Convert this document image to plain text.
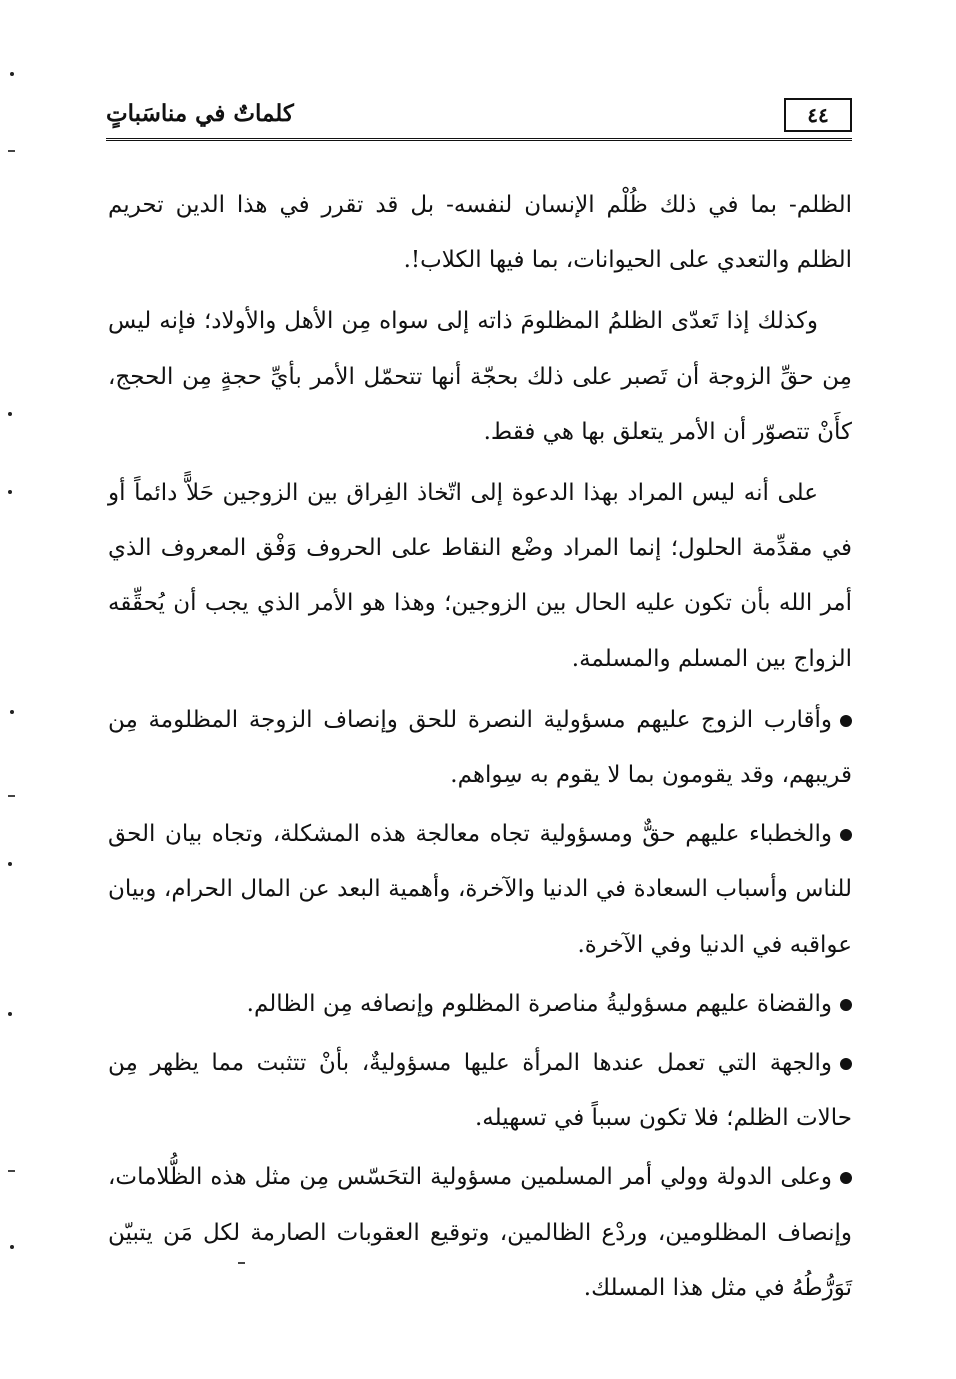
٤٤
كلماتٌ في مناسَباتٍ

الظلم- بما في ذلك ظُلْم الإنسان لنفسه- بل قد تقرر في هذا الدين تحريم الظلم والتعدي على الحيوانات، بما فيها الكلاب!.

وكذلك إذا تَعدّى الظلمُ المظلومَ ذاته إلى سواه مِن الأهل والأولاد؛ فإنه ليس مِن حقِّ الزوجة أن تَصبر على ذلك بحجّة أنها تتحمّل الأمر بأيِّ حجةٍ مِن الحجج، كأَنْ تتصوّر أن الأمر يتعلق بها هي فقط.

على أنه ليس المراد بهذا الدعوة إلى اتّخاذ الفِراق بين الزوجين حَلاًّ دائماً أو في مقدِّمة الحلول؛ إنما المراد وضْع النقاط على الحروف وَفْق المعروف الذي أمر الله بأن تكون عليه الحال بين الزوجين؛ وهذا هو الأمر الذي يجب أن يُحقِّقه الزواج بين المسلم والمسلمة.

وأقارب الزوج عليهم مسؤولية النصرة للحق وإنصاف الزوجة المظلومة مِن قريبهم، وقد يقومون بما لا يقوم به سِواهم.

والخطباء عليهم حقٌّ ومسؤولية تجاه معالجة هذه المشكلة، وتجاه بيان الحق للناس وأسباب السعادة في الدنيا والآخرة، وأهمية البعد عن المال الحرام، وبيان عواقبه في الدنيا وفي الآخرة.

والقضاة عليهم مسؤوليةُ مناصرة المظلوم وإنصافه مِن الظالم.

والجهة التي تعمل عندها المرأة عليها مسؤوليةٌ، بأنْ تتثبت مما يظهر مِن حالات الظلم؛ فلا تكون سبباً في تسهيله.

وعلى الدولة وولي أمر المسلمين مسؤولية التحَسّس مِن مثل هذه الظُّلامات، وإنصاف المظلومين، وردْع الظالمين، وتوقيع العقوبات الصارمة لكل مَن يتبيّن تَوَرُّطُهُ في مثل هذا المسلك.
